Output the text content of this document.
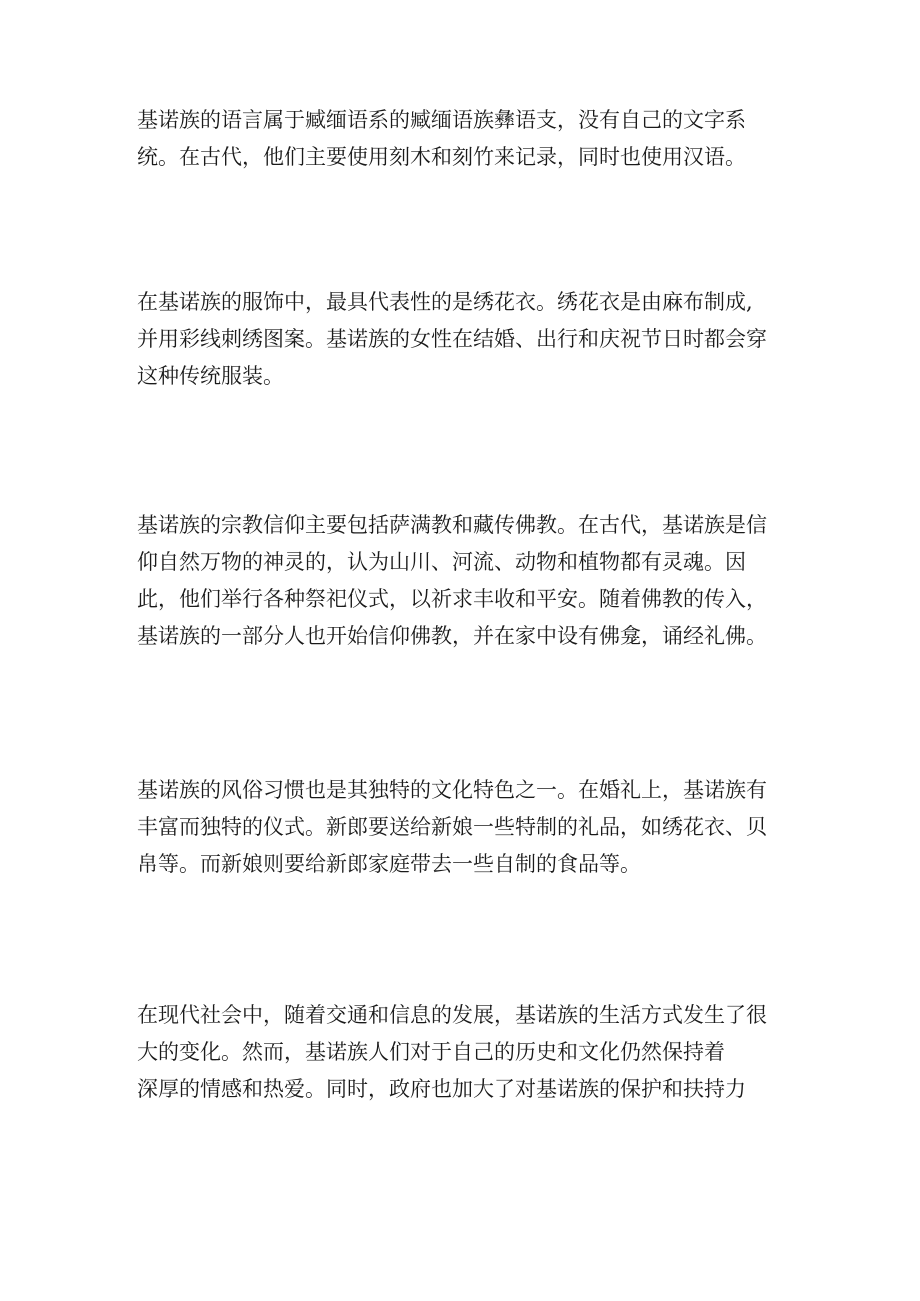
基诺族的语言属于臧缅语系的臧缅语族彝语支，没有自己的文字系
统。在古代，他们主要使用刻木和刻竹来记录，同时也使用汉语。
在基诺族的服饰中，最具代表性的是绣花衣。绣花衣是由麻布制成,
并用彩线刺绣图案。基诺族的女性在结婚、出行和庆祝节日时都会穿
这种传统服装。
基诺族的宗教信仰主要包括萨满教和藏传佛教。在古代，基诺族是信
仰自然万物的神灵的，认为山川、河流、动物和植物都有灵魂。因
此，他们举行各种祭祀仪式，以祈求丰收和平安。随着佛教的传入，
基诺族的一部分人也开始信仰佛教，并在家中设有佛龛，诵经礼佛。
基诺族的风俗习惯也是其独特的文化特色之一。在婚礼上，基诺族有
丰富而独特的仪式。新郎要送给新娘一些特制的礼品，如绣花衣、贝
帛等。而新娘则要给新郎家庭带去一些自制的食品等。
在现代社会中，随着交通和信息的发展，基诺族的生活方式发生了很
大的变化。然而，基诺族人们对于自己的历史和文化仍然保持着
深厚的情感和热爱。同时，政府也加大了对基诺族的保护和扶持力
